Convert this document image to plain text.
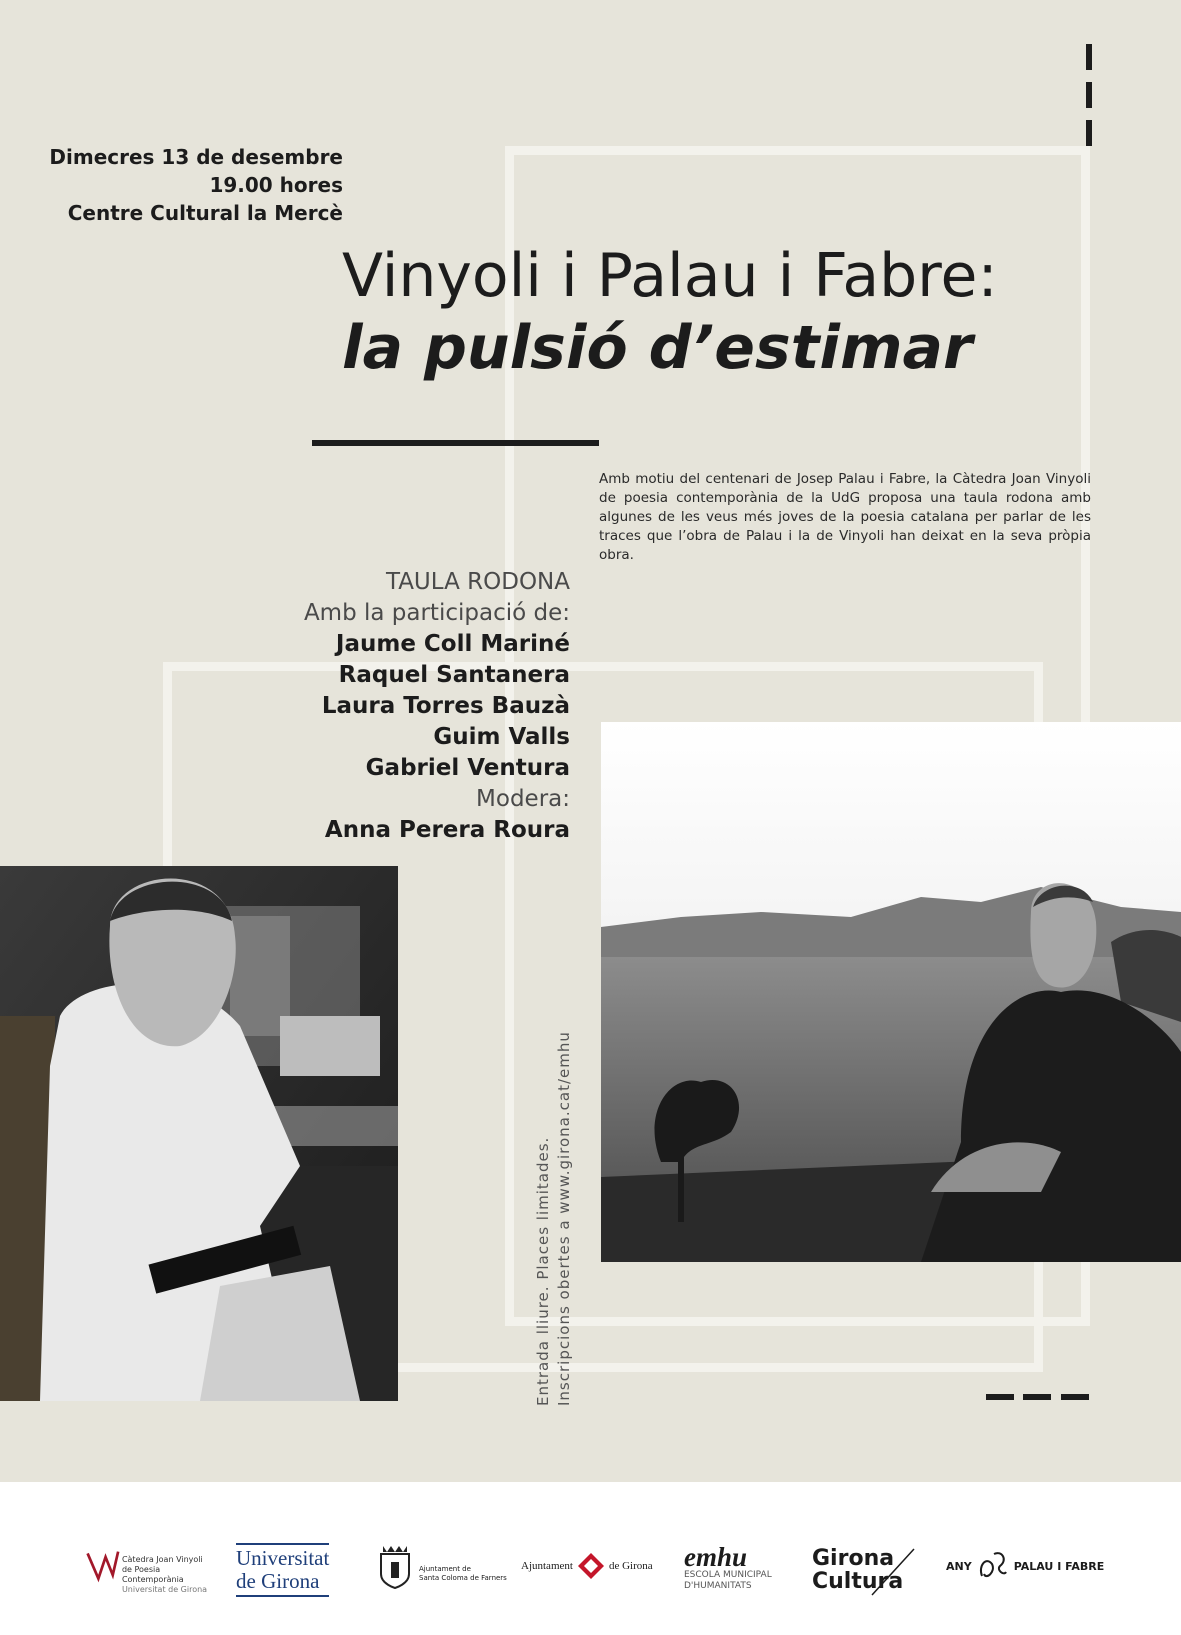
Dimecres 13 de desembre
19.00 hores
Centre Cultural la Mercè
Vinyoli i Palau i Fabre:
la pulsió d’estimar
Amb motiu del centenari de Josep Palau i Fabre, la Càtedra Joan Vinyoli de poesia contemporània de la UdG proposa una taula rodona amb algunes de les veus més joves de la poesia catalana per parlar de les traces que l’obra de Palau i la de Vinyoli han deixat en la seva pròpia obra.
TAULA RODONA
Amb la participació de:
Jaume Coll Mariné
Raquel Santanera
Laura Torres Bauzà
Guim Valls
Gabriel Ventura
Modera:
Anna Perera Roura
Entrada lliure. Places limitades. Inscripcions obertes a www.girona.cat/emhu
Càtedra Joan Vinyoli
de Poesia Contemporània
Universitat de Girona
Universitat
de Girona	Ajuntament de
Santa Coloma de Farners
Ajuntament	de Girona emhu
ESCOLA MUNICIPAL
D'HUMANITATS
Girona
Cultura
ANY	PALAU I FABRE
